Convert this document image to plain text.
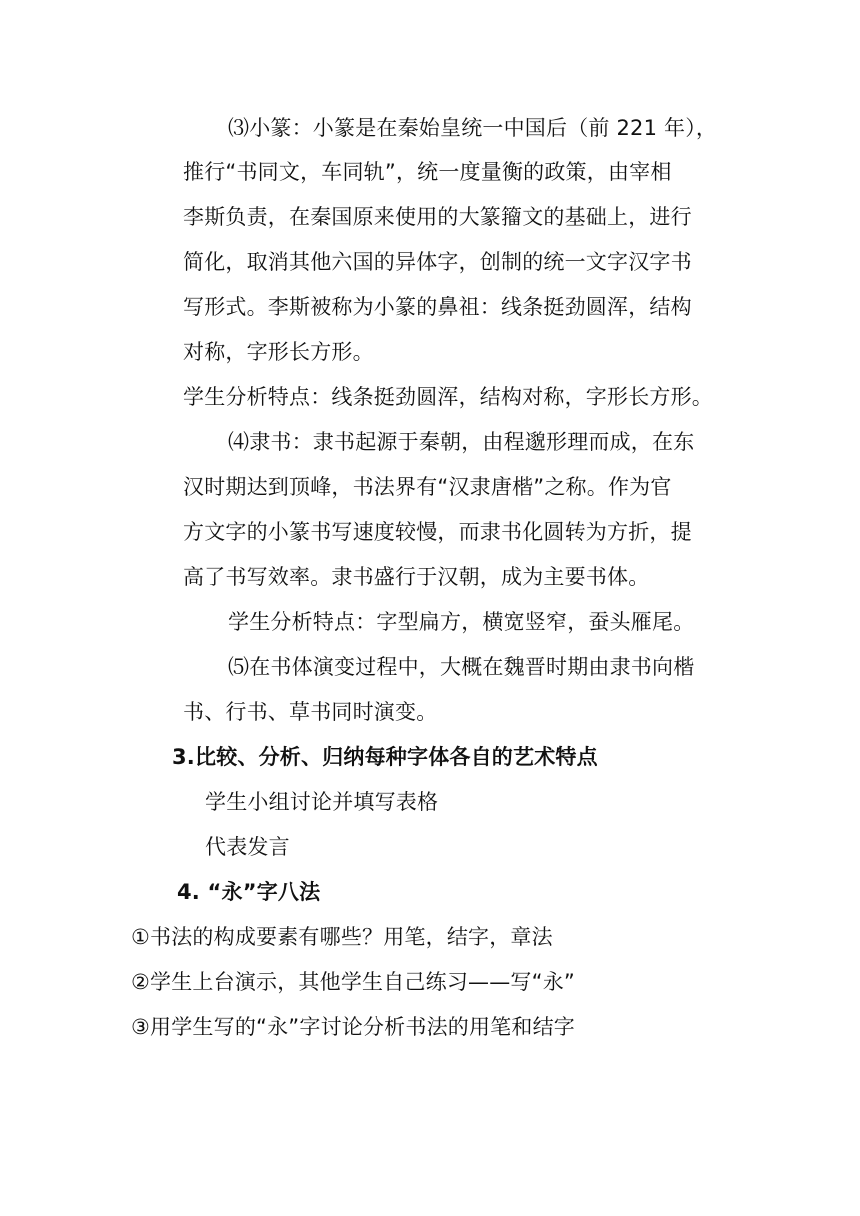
⑶小篆：小篆是在秦始皇统一中国后（前 221 年），
推行“书同文，车同轨”，统一度量衡的政策，由宰相
李斯负责，在秦国原来使用的大篆籀文的基础上，进行
简化，取消其他六国的异体字，创制的统一文字汉字书
写形式。李斯被称为小篆的鼻祖：线条挺劲圆浑，结构
对称，字形长方形。
学生分析特点：线条挺劲圆浑，结构对称，字形长方形。
⑷隶书：隶书起源于秦朝，由程邈形理而成，在东
汉时期达到顶峰，书法界有“汉隶唐楷”之称。作为官
方文字的小篆书写速度较慢，而隶书化圆转为方折，提
高了书写效率。隶书盛行于汉朝，成为主要书体。
学生分析特点：字型扁方，横宽竖窄，蚕头雁尾。
⑸在书体演变过程中，大概在魏晋时期由隶书向楷
书、行书、草书同时演变。
3.比较、分析、归纳每种字体各自的艺术特点
学生小组讨论并填写表格
代表发言
4. “永”字八法
①书法的构成要素有哪些？用笔，结字，章法
②学生上台演示，其他学生自己练习——写“永”
③用学生写的“永”字讨论分析书法的用笔和结字
